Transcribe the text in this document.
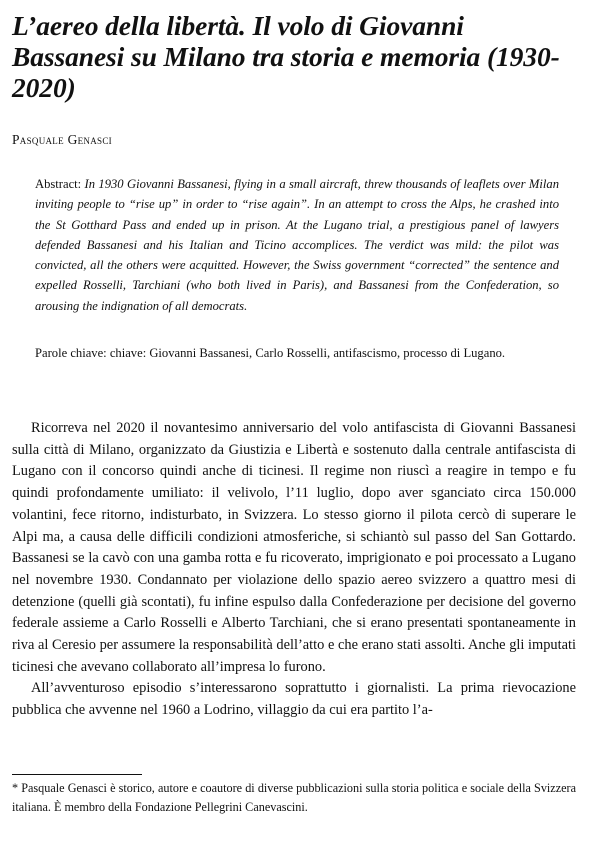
L’aereo della libertà. Il volo di Giovanni Bassanesi su Milano tra storia e memoria (1930-2020)

Pasquale Genasci

Abstract: In 1930 Giovanni Bassanesi, flying in a small aircraft, threw thousands of leaflets over Milan inviting people to “rise up” in order to “rise again”. In an attempt to cross the Alps, he crashed into the St Gotthard Pass and ended up in prison. At the Lugano trial, a prestigious panel of lawyers defended Bassanesi and his Italian and Ticino accomplices. The verdict was mild: the pilot was convicted, all the others were acquitted. However, the Swiss government “corrected” the sentence and expelled Rosselli, Tarchiani (who both lived in Paris), and Bassanesi from the Confederation, so arousing the indignation of all democrats.

Parole chiave: chiave: Giovanni Bassanesi, Carlo Rosselli, antifascismo, processo di Lugano.

Ricorreva nel 2020 il novantesimo anniversario del volo antifascista di Giovanni Bassanesi sulla città di Milano, organizzato da Giustizia e Libertà e sostenuto dalla centrale antifascista di Lugano con il concorso quindi anche di ticinesi. Il regime non riuscì a reagire in tempo e fu quindi profondamente umiliato: il velivolo, l’11 luglio, dopo aver sganciato circa 150.000 volantini, fece ritorno, indisturbato, in Svizzera. Lo stesso giorno il pilota cercò di superare le Alpi ma, a causa delle difficili condizioni atmosferiche, si schiantò sul passo del San Gottardo. Bassanesi se la cavò con una gamba rotta e fu ricoverato, imprigionato e poi processato a Lugano nel novembre 1930. Condannato per violazione dello spazio aereo svizzero a quattro mesi di detenzione (quelli già scontati), fu infine espulso dalla Confederazione per decisione del governo federale assieme a Carlo Rosselli e Alberto Tarchiani, che si erano presentati spontaneamente in riva al Ceresio per assumere la responsabilità dell’atto e che erano stati assolti. Anche gli imputati ticinesi che avevano collaborato all’impresa lo furono.

All’avventuroso episodio s’interessarono soprattutto i giornalisti. La prima rievocazione pubblica che avvenne nel 1960 a Lodrino, villaggio da cui era partito l’a-

* Pasquale Genasci è storico, autore e coautore di diverse pubblicazioni sulla storia politica e sociale della Svizzera italiana. È membro della Fondazione Pellegrini Canevascini.
